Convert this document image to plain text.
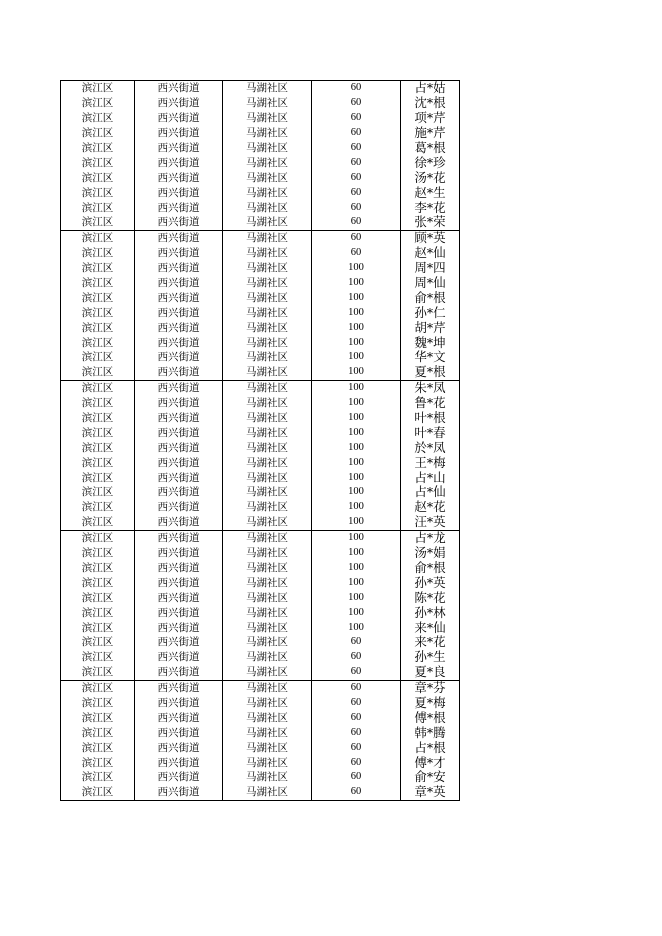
滨江区	西兴街道	马湖社区	60	占*姑
滨江区	西兴街道	马湖社区	60	沈*根
滨江区	西兴街道	马湖社区	60	项*芹
滨江区	西兴街道	马湖社区	60	施*芹
滨江区	西兴街道	马湖社区	60	葛*根
滨江区	西兴街道	马湖社区	60	徐*珍
滨江区	西兴街道	马湖社区	60	汤*花
滨江区	西兴街道	马湖社区	60	赵*生
滨江区	西兴街道	马湖社区	60	李*花
滨江区	西兴街道	马湖社区	60	张*荣
滨江区	西兴街道	马湖社区	60	顾*英
滨江区	西兴街道	马湖社区	60	赵*仙
滨江区	西兴街道	马湖社区	100	周*四
滨江区	西兴街道	马湖社区	100	周*仙
滨江区	西兴街道	马湖社区	100	俞*根
滨江区	西兴街道	马湖社区	100	孙*仁
滨江区	西兴街道	马湖社区	100	胡*芹
滨江区	西兴街道	马湖社区	100	魏*坤
滨江区	西兴街道	马湖社区	100	华*文
滨江区	西兴街道	马湖社区	100	夏*根
滨江区	西兴街道	马湖社区	100	朱*凤
滨江区	西兴街道	马湖社区	100	鲁*花
滨江区	西兴街道	马湖社区	100	叶*根
滨江区	西兴街道	马湖社区	100	叶*春
滨江区	西兴街道	马湖社区	100	於*凤
滨江区	西兴街道	马湖社区	100	王*梅
滨江区	西兴街道	马湖社区	100	占*山
滨江区	西兴街道	马湖社区	100	占*仙
滨江区	西兴街道	马湖社区	100	赵*花
滨江区	西兴街道	马湖社区	100	汪*英
滨江区	西兴街道	马湖社区	100	占*龙
滨江区	西兴街道	马湖社区	100	汤*娟
滨江区	西兴街道	马湖社区	100	俞*根
滨江区	西兴街道	马湖社区	100	孙*英
滨江区	西兴街道	马湖社区	100	陈*花
滨江区	西兴街道	马湖社区	100	孙*林
滨江区	西兴街道	马湖社区	100	来*仙
滨江区	西兴街道	马湖社区	60	来*花
滨江区	西兴街道	马湖社区	60	孙*生
滨江区	西兴街道	马湖社区	60	夏*良
滨江区	西兴街道	马湖社区	60	章*芬
滨江区	西兴街道	马湖社区	60	夏*梅
滨江区	西兴街道	马湖社区	60	傅*根
滨江区	西兴街道	马湖社区	60	韩*腾
滨江区	西兴街道	马湖社区	60	占*根
滨江区	西兴街道	马湖社区	60	傅*才
滨江区	西兴街道	马湖社区	60	俞*安
滨江区	西兴街道	马湖社区	60	章*英
